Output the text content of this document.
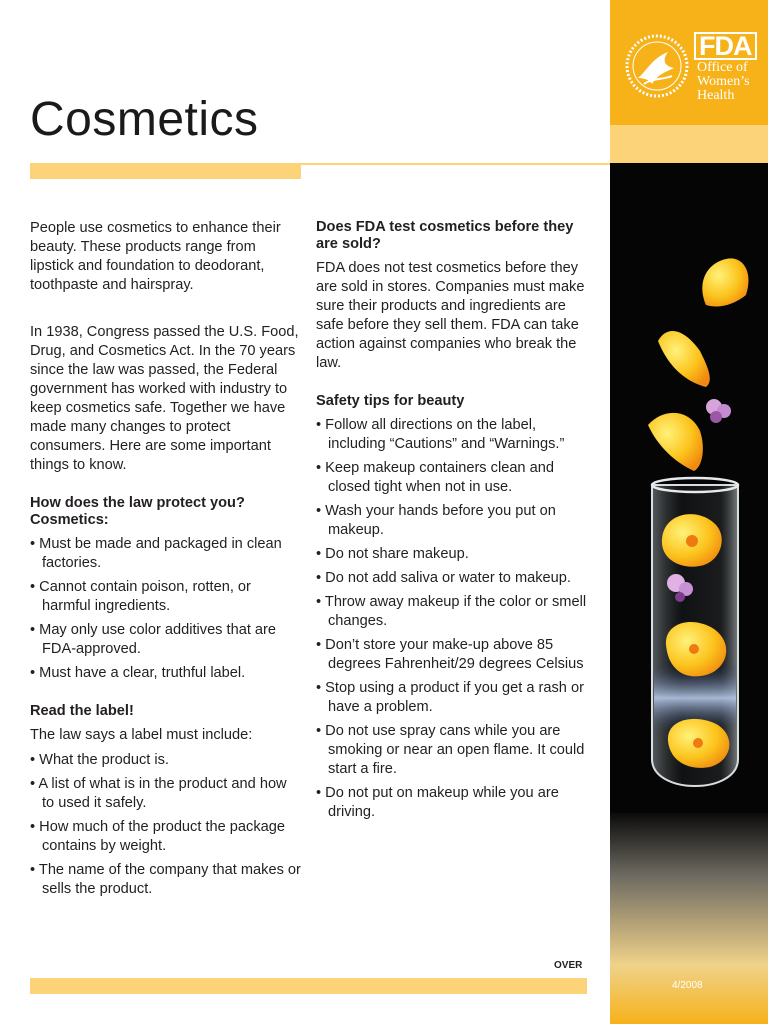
FDA
Office of
Women’s
Health
4/2008
Cosmetics

People use cosmetics to enhance their beauty. These products range from lipstick and foundation to deodorant, toothpaste and hairspray.

In 1938, Congress passed the U.S. Food, Drug, and Cosmetics Act. In the 70 years since the law was passed, the Federal government has worked with industry to keep cosmetics safe. Together we have made many changes to protect consumers. Here are some important things to know.

How does the law protect you?
Cosmetics:
• Must be made and packaged in clean factories.
• Cannot contain poison, rotten, or harmful ingredients.
• May only use color additives that are FDA-approved.
• Must have a clear, truthful label.
Read the label!

The law says a label must include:

• What the product is.
• A list of what is in the product and how to used it safely.
• How much of the product the package contains by weight.
• The name of the company that makes or sells the product.
Does FDA test cosmetics before they are sold?

FDA does not test cosmetics before they are sold in stores. Companies must make sure their products and ingredients are safe before they sell them. FDA can take action against companies who break the law.

Safety tips for beauty
• Follow all directions on the label, including “Cautions” and “Warnings.”
• Keep makeup containers clean and closed tight when not in use.
• Wash your hands before you put on makeup.
• Do not share makeup.
• Do not add saliva or water to makeup.
• Throw away makeup if the color or smell changes.
• Don’t store your make-up above 85 degrees Fahrenheit/29 degrees Celsius
• Stop using a product if you get a rash or have a problem.
• Do not use spray cans while you are smoking or near an open flame. It could start a fire.
• Do not put on makeup while you are driving.
OVER
